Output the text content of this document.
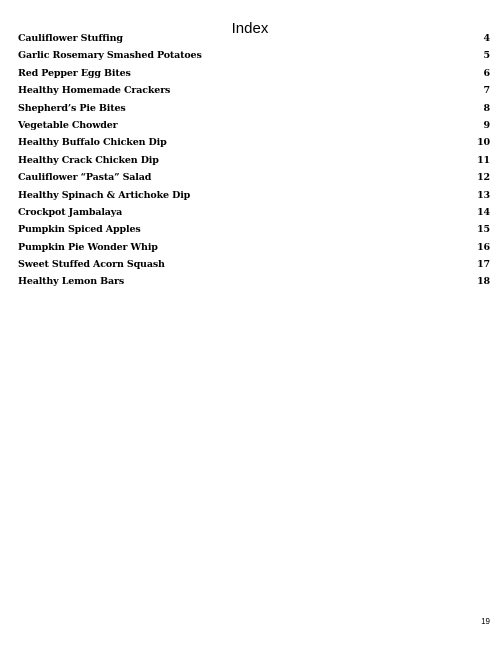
Index
Cauliflower Stuffing	4
Garlic Rosemary Smashed Potatoes	5
Red Pepper Egg Bites	6
Healthy Homemade Crackers	7
Shepherd’s Pie Bites	8
Vegetable Chowder	9
Healthy Buffalo Chicken Dip	10
Healthy Crack Chicken Dip	11
Cauliflower “Pasta” Salad	12
Healthy Spinach & Artichoke Dip	13
Crockpot Jambalaya	14
Pumpkin Spiced Apples	15
Pumpkin Pie Wonder Whip	16
Sweet Stuffed Acorn Squash	17
Healthy Lemon Bars	18
19
